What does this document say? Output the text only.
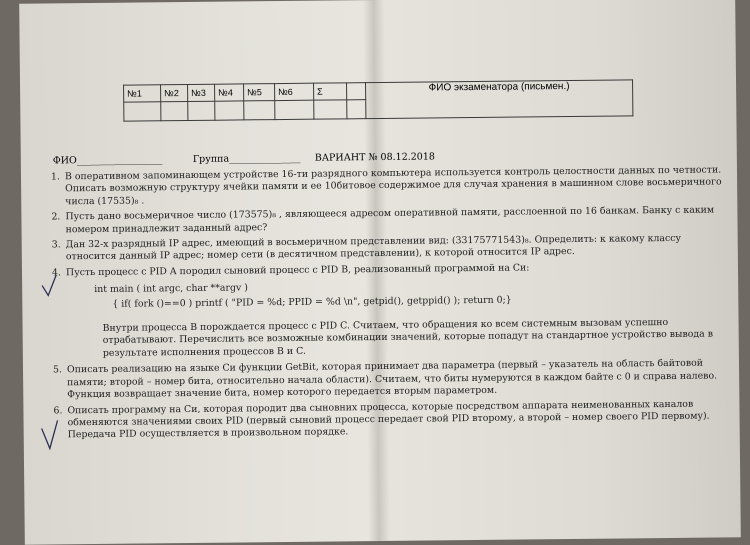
№1	№2	№3	№4	№5	№6	Σ		ФИО экзаменатора (письмен.)

ФИО__________________	Группа_______________ ВАРИАНТ № 08.12.2018
1. В оперативном запоминающем устройстве 16-ти разрядного компьютера используется контроль целостности данных по четности. Описать возможную структуру ячейки памяти и ее 10битовое содержимое для случая хранения в машинном слове восьмеричного числа (17535)₈ .
2. Пусть дано восьмеричное число (173575)₈ , являющееся адресом оперативной памяти, расслоенной по 16 банкам. Банку с каким номером принадлежит заданный адрес?
3. Дан 32-х разрядный IP адрес, имеющий в восьмеричном представлении вид: (33175771543)₈. Определить: к какому классу относится данный IP адрес; номер сети (в десятичном представлении), к которой относится IP адрес.
4. Пусть процесс с PID A породил сыновий процесс с PID B, реализованный программой на Си:
int main ( int argc, char **argv )
{ if( fork ()==0 ) printf ( "PID = %d; PPID = %d \n", getpid(), getppid() ); return 0;}
Внутри процесса B порождается процесс с PID C. Считаем, что обращения ко всем системным вызовам успешно отрабатывают. Перечислить все возможные комбинации значений, которые попадут на стандартное устройство вывода в результате исполнения процессов B и C.
5. Описать реализацию на языке Си функции GetBit, которая принимает два параметра (первый – указатель на область байтовой памяти; второй – номер бита, относительно начала области). Считаем, что биты нумеруются в каждом байте с 0 и справа налево. Функция возвращает значение бита, номер которого передается вторым параметром.
6. Описать программу на Си, которая породит два сыновних процесса, которые посредством аппарата неименованных каналов обменяются значениями своих PID (первый сыновий процесс передает свой PID второму, а второй – номер своего PID первому). Передача PID осуществляется в произвольном порядке.
